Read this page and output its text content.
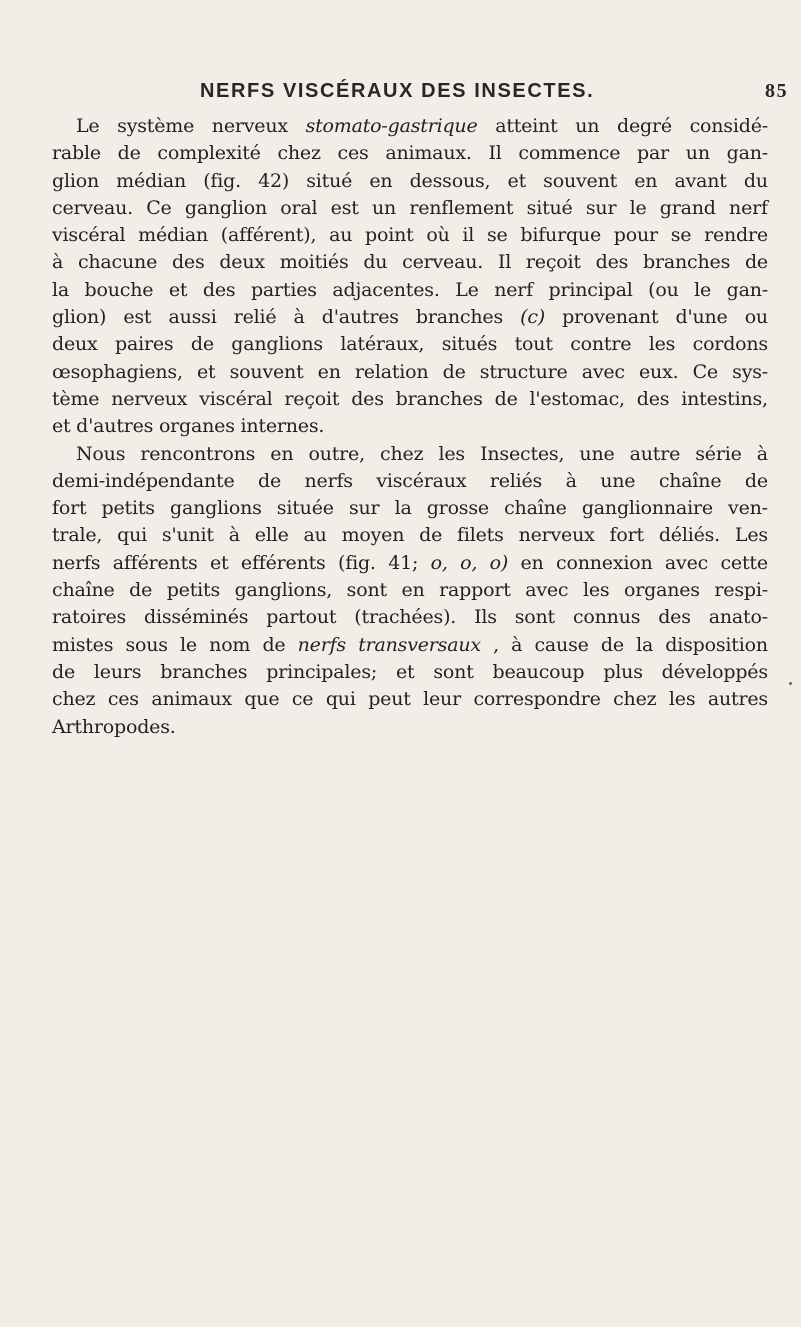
NERFS VISCÉRAUX DES INSECTES.	85
Le système nerveux stomato-gastrique atteint un degré considé-
rable de complexité chez ces animaux. Il commence par un gan-
glion médian (fig. 42) situé en dessous, et souvent en avant du
cerveau. Ce ganglion oral est un renflement situé sur le grand nerf
viscéral médian (afférent), au point où il se bifurque pour se rendre
à chacune des deux moitiés du cerveau. Il reçoit des branches de
la bouche et des parties adjacentes. Le nerf principal (ou le gan-
glion) est aussi relié à d'autres branches (c) provenant d'une ou
deux paires de ganglions latéraux, situés tout contre les cordons
œsophagiens, et souvent en relation de structure avec eux. Ce sys-
tème nerveux viscéral reçoit des branches de l'estomac, des intestins,
et d'autres organes internes.
Nous rencontrons en outre, chez les Insectes, une autre série à
demi-indépendante de nerfs viscéraux reliés à une chaîne de
fort petits ganglions située sur la grosse chaîne ganglionnaire ven-
trale, qui s'unit à elle au moyen de filets nerveux fort déliés. Les
nerfs afférents et efférents (fig. 41; o, o, o) en connexion avec cette
chaîne de petits ganglions, sont en rapport avec les organes respi-
ratoires disséminés partout (trachées). Ils sont connus des anato-
mistes sous le nom de nerfs transversaux , à cause de la disposition
de leurs branches principales; et sont beaucoup plus développés
chez ces animaux que ce qui peut leur correspondre chez les autres
Arthropodes.
